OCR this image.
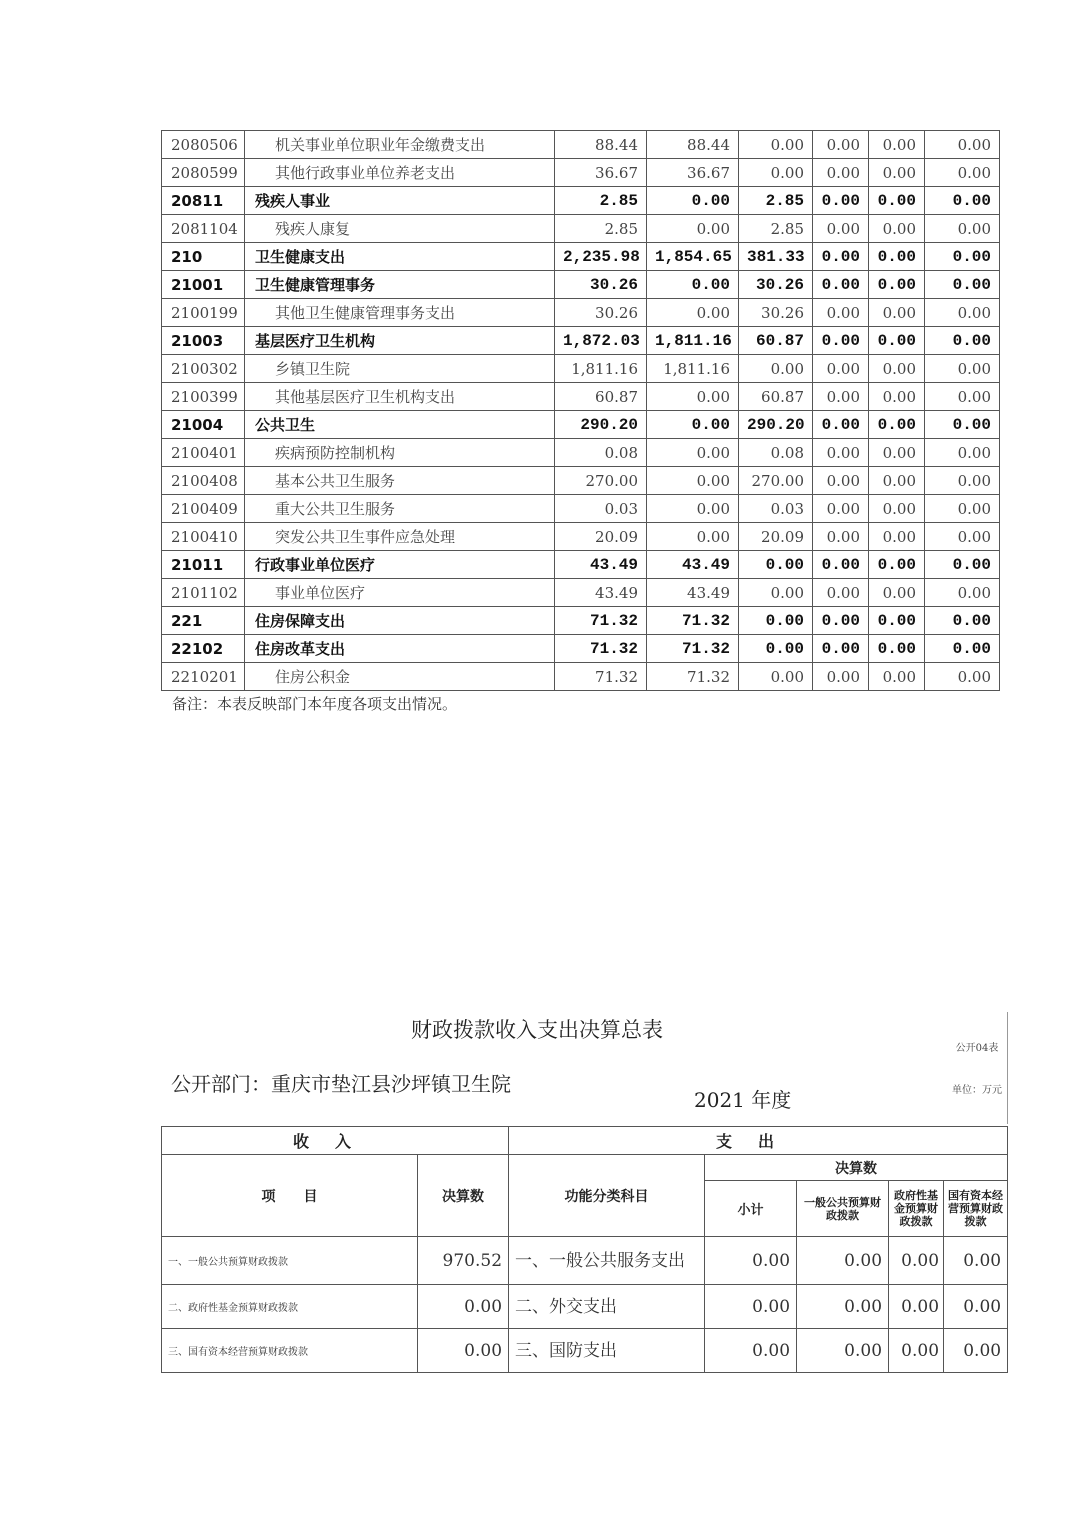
2080506	机关事业单位职业年金缴费支出	88.44	88.44	0.00	0.00	0.00	0.00
2080599	其他行政事业单位养老支出	36.67	36.67	0.00	0.00	0.00	0.00
20811	残疾人事业	2.85	0.00	2.85	0.00	0.00	0.00
2081104	残疾人康复	2.85	0.00	2.85	0.00	0.00	0.00
210	卫生健康支出	2,235.98	1,854.65	381.33	0.00	0.00	0.00
21001	卫生健康管理事务	30.26	0.00	30.26	0.00	0.00	0.00
2100199	其他卫生健康管理事务支出	30.26	0.00	30.26	0.00	0.00	0.00
21003	基层医疗卫生机构	1,872.03	1,811.16	60.87	0.00	0.00	0.00
2100302	乡镇卫生院	1,811.16	1,811.16	0.00	0.00	0.00	0.00
2100399	其他基层医疗卫生机构支出	60.87	0.00	60.87	0.00	0.00	0.00
21004	公共卫生	290.20	0.00	290.20	0.00	0.00	0.00
2100401	疾病预防控制机构	0.08	0.00	0.08	0.00	0.00	0.00
2100408	基本公共卫生服务	270.00	0.00	270.00	0.00	0.00	0.00
2100409	重大公共卫生服务	0.03	0.00	0.03	0.00	0.00	0.00
2100410	突发公共卫生事件应急处理	20.09	0.00	20.09	0.00	0.00	0.00
21011	行政事业单位医疗	43.49	43.49	0.00	0.00	0.00	0.00
2101102	事业单位医疗	43.49	43.49	0.00	0.00	0.00	0.00
221	住房保障支出	71.32	71.32	0.00	0.00	0.00	0.00
22102	住房改革支出	71.32	71.32	0.00	0.00	0.00	0.00
2210201	住房公积金	71.32	71.32	0.00	0.00	0.00	0.00
备注：本表反映部门本年度各项支出情况。
财政拨款收入支出决算总表
公开04表
公开部门：重庆市垫江县沙坪镇卫生院
2021 年度	单位：万元
收入		支出				
项　　目	决算数	功能分类科目	决算数			
			小计	一般公共预算财政拨款	政府性基金预算财政拨款	国有资本经营预算财政拨款
一、一般公共预算财政拨款	970.52	一、一般公共服务支出	0.00	0.00	0.00	0.00
二、政府性基金预算财政拨款	0.00	二、外交支出	0.00	0.00	0.00	0.00
三、国有资本经营预算财政拨款	0.00	三、国防支出	0.00	0.00	0.00	0.00
